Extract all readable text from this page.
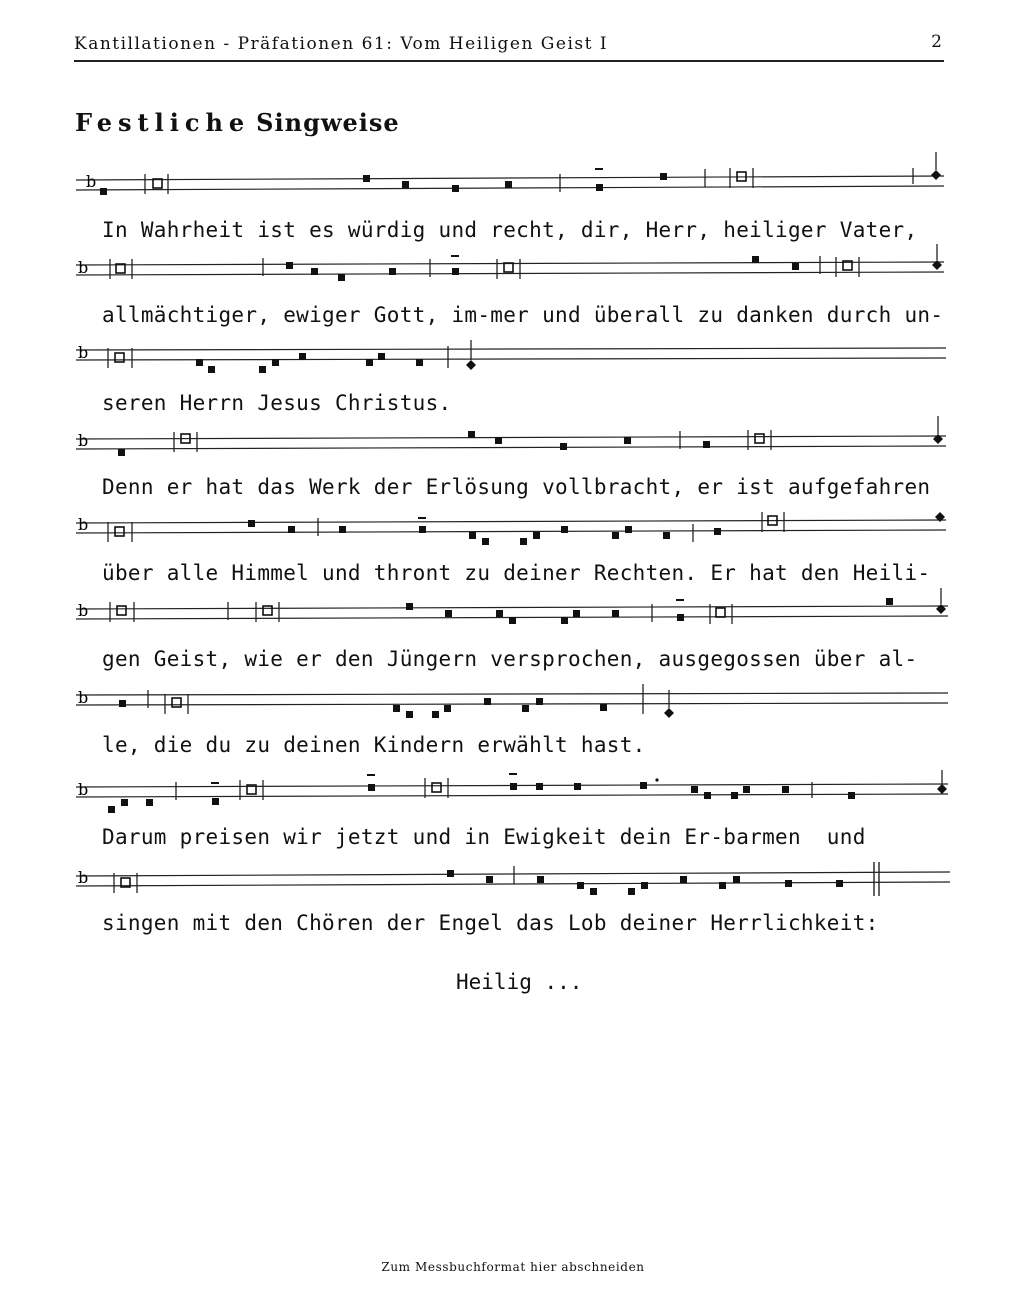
Kantillationen - Präfationen 61: Vom Heiligen Geist I	2
Festliche Singweise
b
In Wahrheit ist es würdig und recht, dir, Herr, heiliger Vater,
b
allmächtiger, ewiger Gott, im-mer und überall zu danken durch un-
b
seren Herrn Jesus Christus.
b
Denn er hat das Werk der Erlösung vollbracht, er ist aufgefahren
b
über alle Himmel und thront zu deiner Rechten. Er hat den Heili-
b
gen Geist, wie er den Jüngern versprochen, ausgegossen über al-
b
le, die du zu deinen Kindern erwählt hast.
b
Darum preisen wir jetzt und in Ewigkeit dein Er-barmen  und
b
singen mit den Chören der Engel das Lob deiner Herrlichkeit:
Heilig ...
Zum Messbuchformat hier abschneiden
